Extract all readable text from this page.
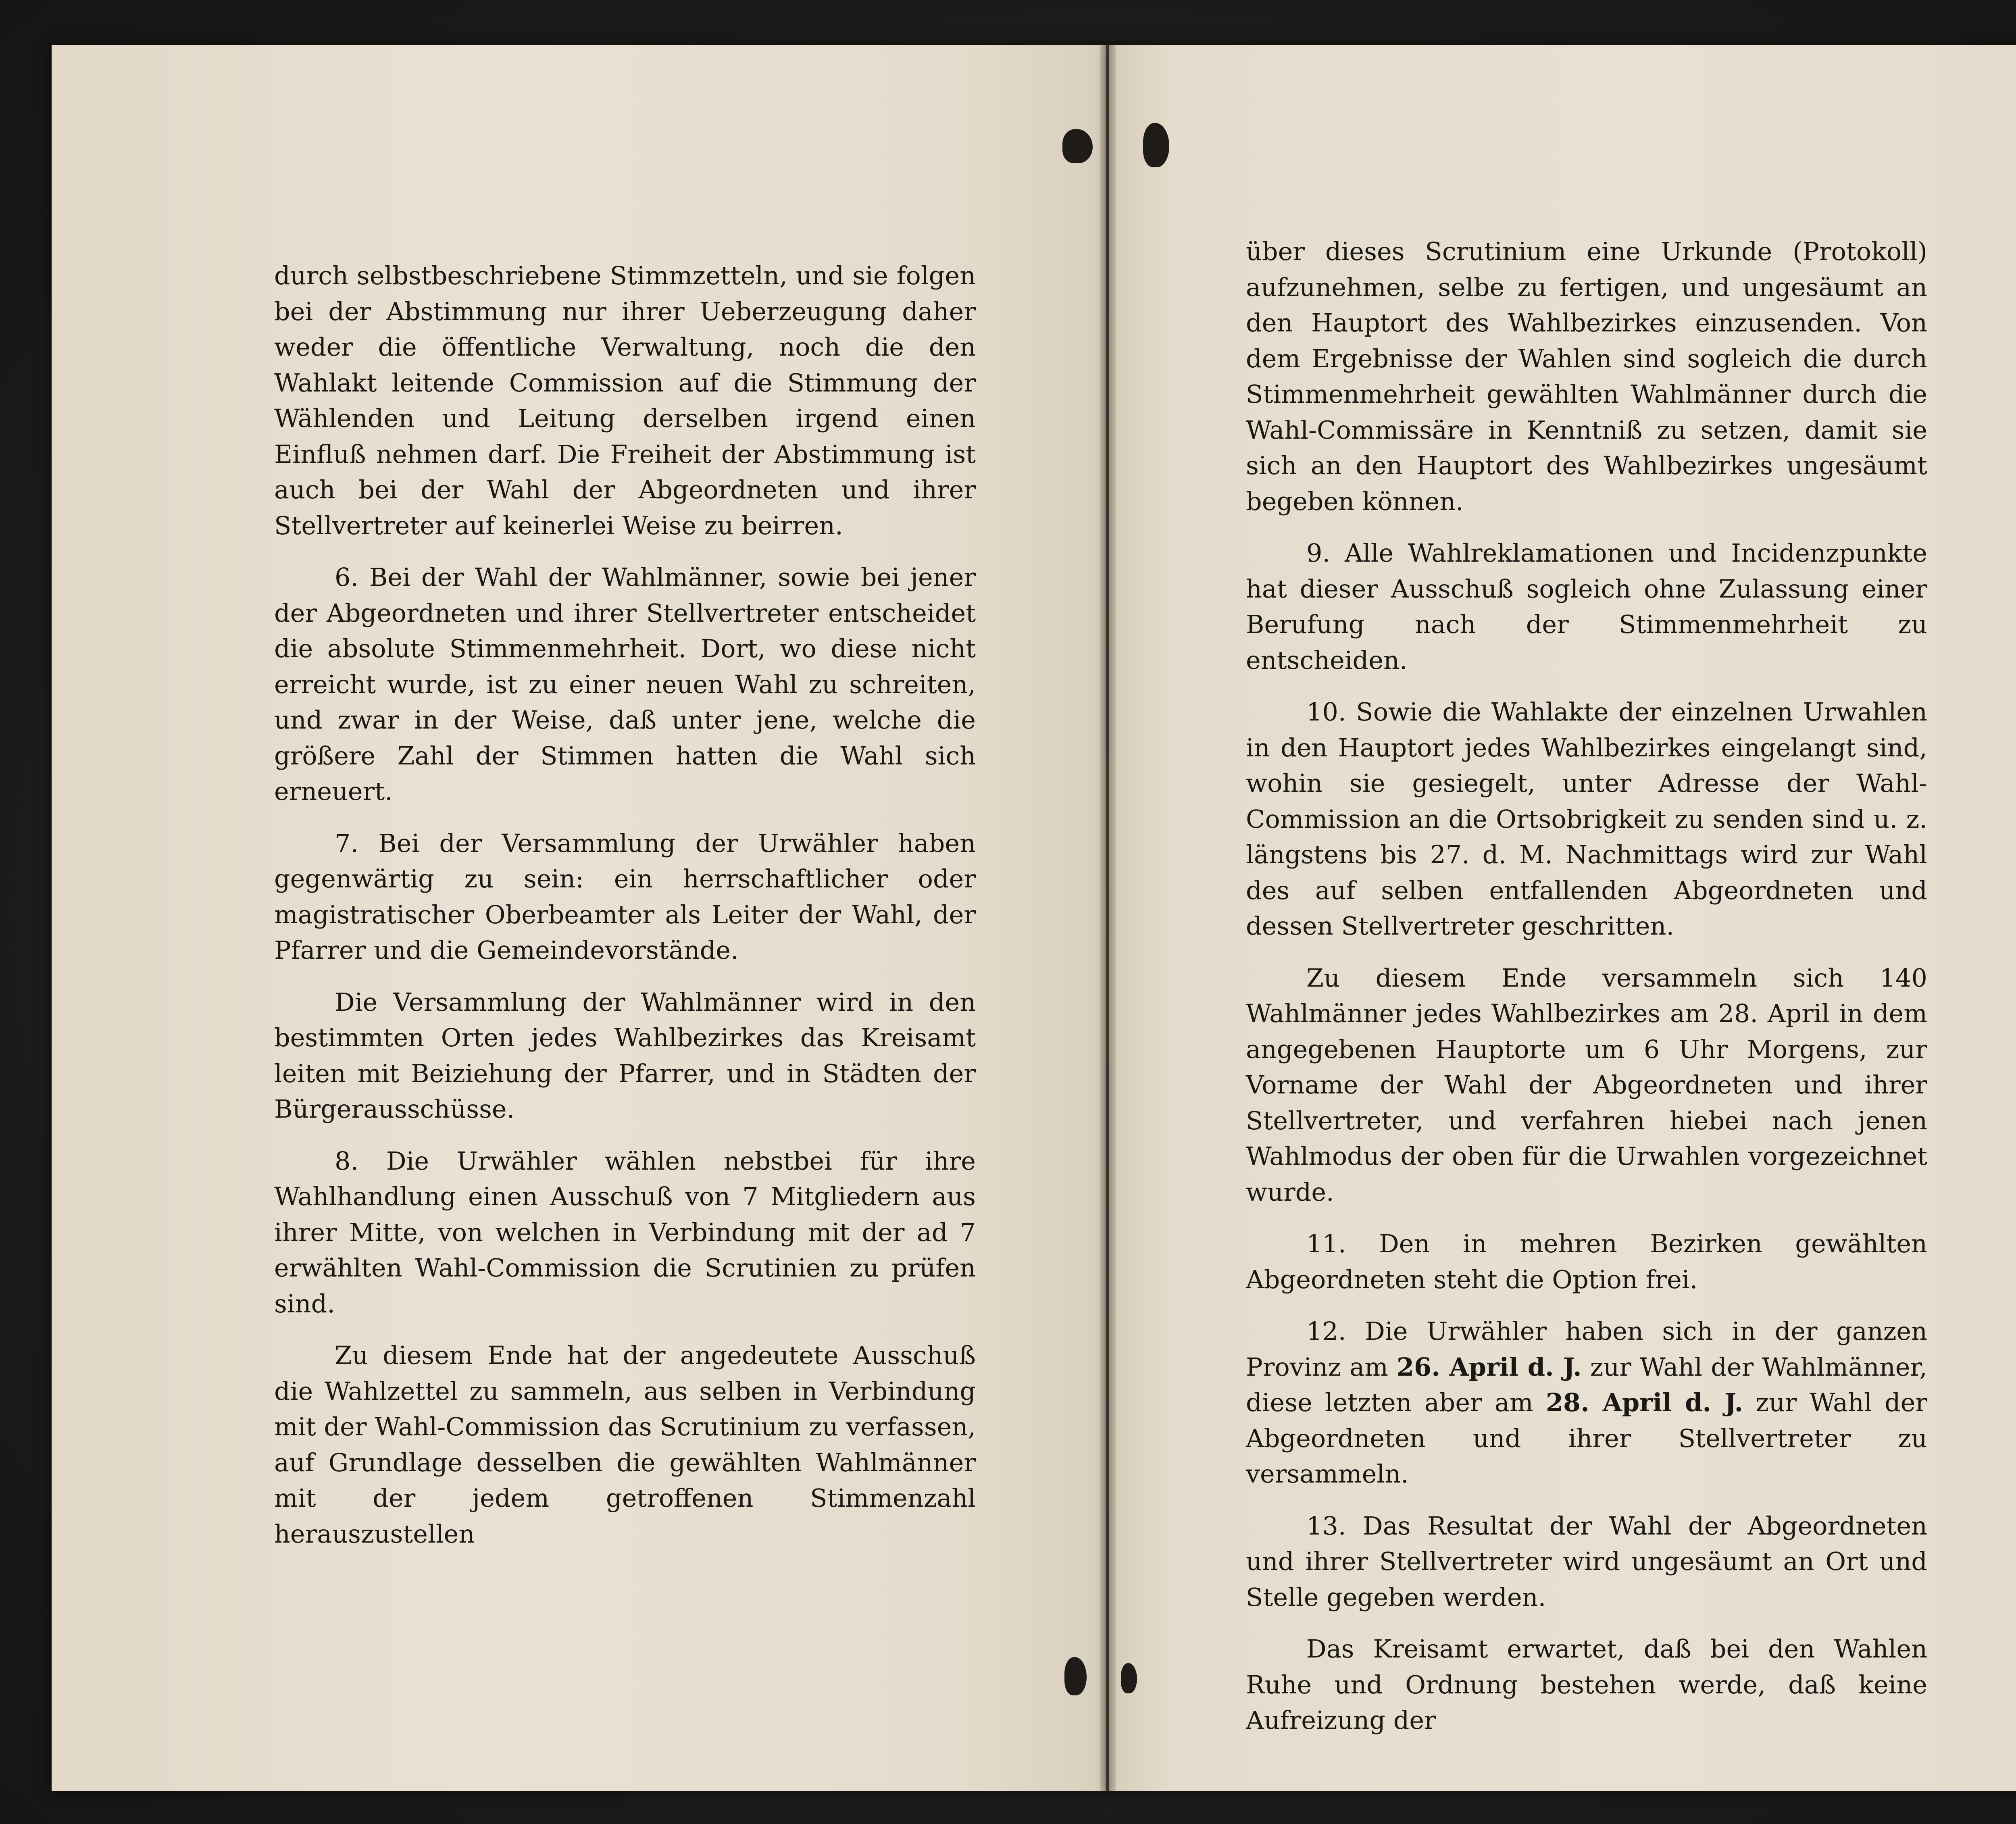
durch selbstbeschriebene Stimmzetteln, und sie folgen bei der Abstimmung nur ihrer Ueberzeugung daher weder die öffentliche Verwaltung, noch die den Wahlakt leitende Commission auf die Stimmung der Wählenden und Leitung derselben irgend einen Einfluß nehmen darf. Die Freiheit der Abstimmung ist auch bei der Wahl der Abgeordneten und ihrer Stellvertreter auf keinerlei Weise zu beirren.

6. Bei der Wahl der Wahlmänner, sowie bei jener der Abgeordneten und ihrer Stellvertreter entscheidet die absolute Stimmenmehrheit. Dort, wo diese nicht erreicht wurde, ist zu einer neuen Wahl zu schreiten, und zwar in der Weise, daß unter jene, welche die größere Zahl der Stimmen hatten die Wahl sich erneuert.

7. Bei der Versammlung der Urwähler haben gegenwärtig zu sein: ein herrschaftlicher oder magistratischer Oberbeamter als Leiter der Wahl, der Pfarrer und die Gemeindevorstände.

Die Versammlung der Wahlmänner wird in den bestimmten Orten jedes Wahlbezirkes das Kreisamt leiten mit Beiziehung der Pfarrer, und in Städten der Bürgerausschüsse.

8. Die Urwähler wählen nebstbei für ihre Wahlhandlung einen Ausschuß von 7 Mitgliedern aus ihrer Mitte, von welchen in Verbindung mit der ad 7 erwählten Wahl-Commission die Scrutinien zu prüfen sind.

Zu diesem Ende hat der angedeutete Ausschuß die Wahlzettel zu sammeln, aus selben in Verbindung mit der Wahl-Commission das Scrutinium zu verfassen, auf Grundlage desselben die gewählten Wahlmänner mit der jedem getroffenen Stimmenzahl herauszustellen

über dieses Scrutinium eine Urkunde (Protokoll) aufzunehmen, selbe zu fertigen, und ungesäumt an den Hauptort des Wahlbezirkes einzusenden. Von dem Ergebnisse der Wahlen sind sogleich die durch Stimmenmehrheit gewählten Wahlmänner durch die Wahl-Commissäre in Kenntniß zu setzen, damit sie sich an den Hauptort des Wahlbezirkes ungesäumt begeben können.

9. Alle Wahlreklamationen und Incidenzpunkte hat dieser Ausschuß sogleich ohne Zulassung einer Berufung nach der Stimmenmehrheit zu entscheiden.

10. Sowie die Wahlakte der einzelnen Urwahlen in den Hauptort jedes Wahlbezirkes eingelangt sind, wohin sie gesiegelt, unter Adresse der Wahl-Commission an die Ortsobrigkeit zu senden sind u. z. längstens bis 27. d. M. Nachmittags wird zur Wahl des auf selben entfallenden Abgeordneten und dessen Stellvertreter geschritten.

Zu diesem Ende versammeln sich 140 Wahlmänner jedes Wahlbezirkes am 28. April in dem angegebenen Hauptorte um 6 Uhr Morgens, zur Vorname der Wahl der Abgeordneten und ihrer Stellvertreter, und verfahren hiebei nach jenen Wahlmodus der oben für die Urwahlen vorgezeichnet wurde.

11. Den in mehren Bezirken gewählten Abgeordneten steht die Option frei.

12. Die Urwähler haben sich in der ganzen Provinz am 26. April d. J. zur Wahl der Wahlmänner, diese letzten aber am 28. April d. J. zur Wahl der Abgeordneten und ihrer Stellvertreter zu versammeln.

13. Das Resultat der Wahl der Abgeordneten und ihrer Stellvertreter wird ungesäumt an Ort und Stelle gegeben werden.

Das Kreisamt erwartet, daß bei den Wahlen Ruhe und Ordnung bestehen werde, daß keine Aufreizung der
